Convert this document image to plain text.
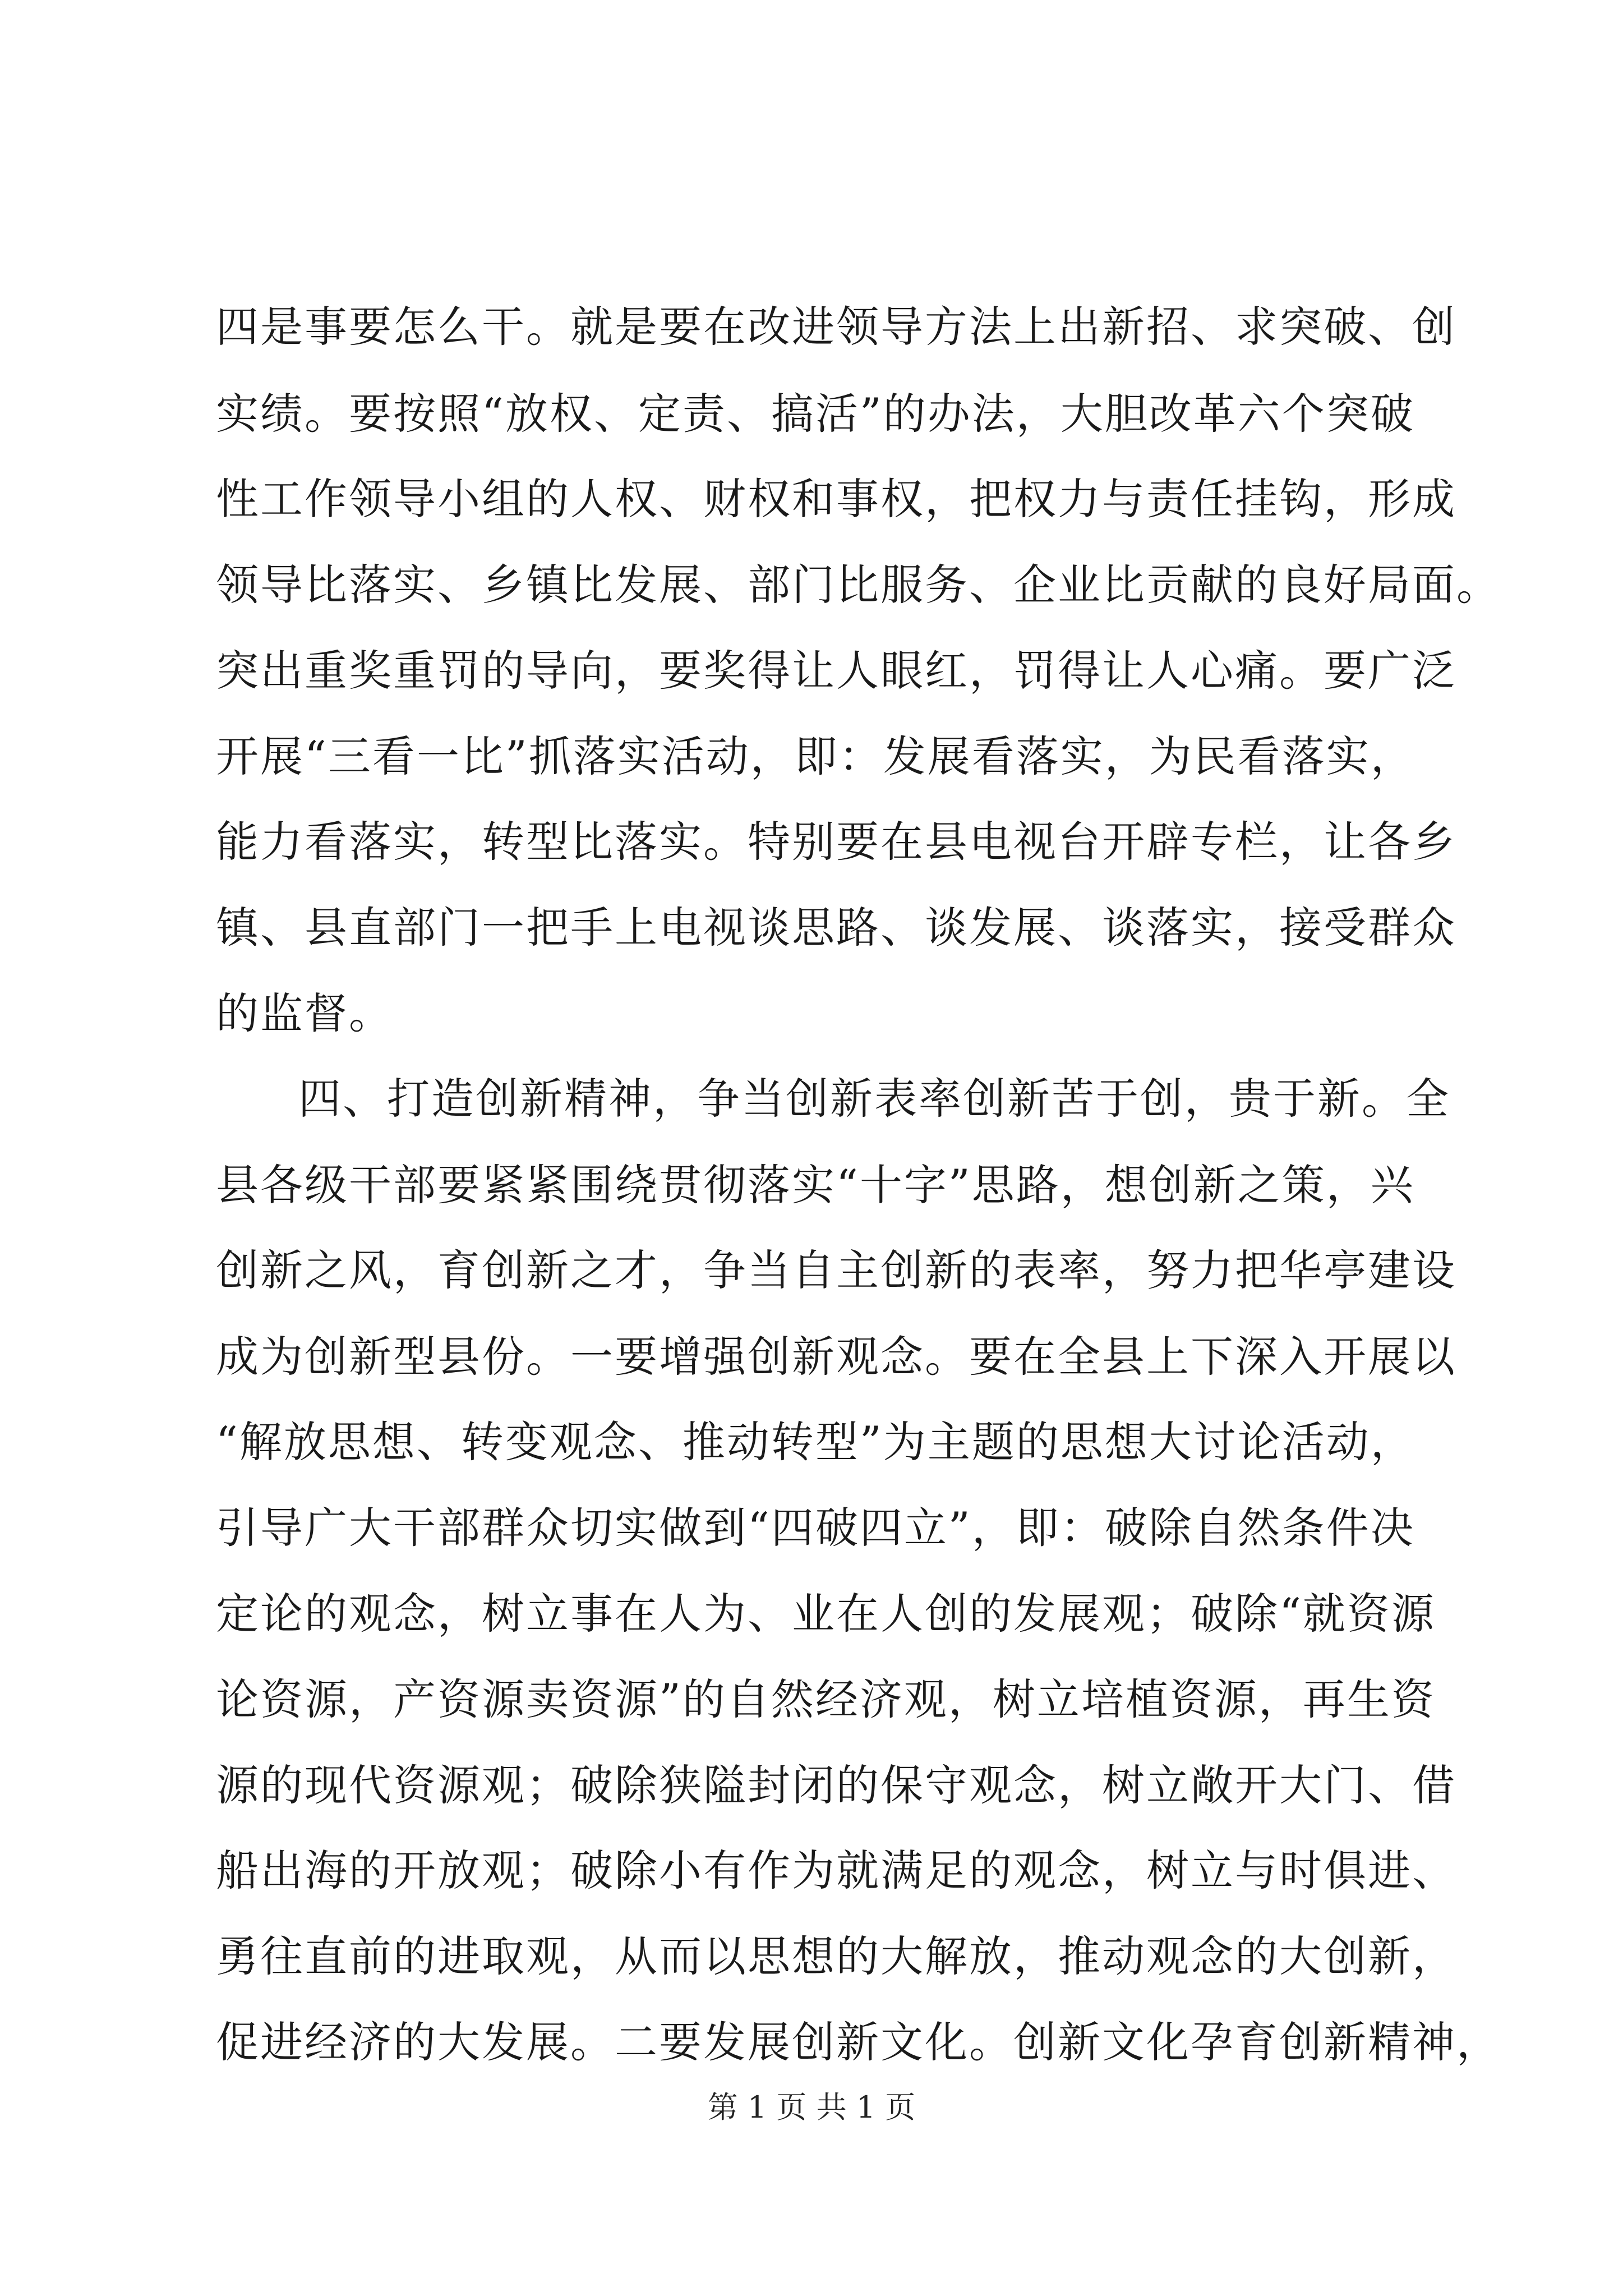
四是事要怎么干。就是要在改进领导方法上出新招、求突破、创

实绩。要按照“放权、定责、搞活”的办法，大胆改革六个突破

性工作领导小组的人权、财权和事权，把权力与责任挂钩，形成

领导比落实、乡镇比发展、部门比服务、企业比贡献的良好局面。

突出重奖重罚的导向，要奖得让人眼红，罚得让人心痛。要广泛

开展“三看一比”抓落实活动，即：发展看落实，为民看落实，

能力看落实，转型比落实。特别要在县电视台开辟专栏，让各乡

镇、县直部门一把手上电视谈思路、谈发展、谈落实，接受群众

的监督。

四、打造创新精神，争当创新表率创新苦于创，贵于新。全

县各级干部要紧紧围绕贯彻落实“十字”思路，想创新之策，兴

创新之风，育创新之才，争当自主创新的表率，努力把华亭建设

成为创新型县份。一要增强创新观念。要在全县上下深入开展以

“解放思想、转变观念、推动转型”为主题的思想大讨论活动，

引导广大干部群众切实做到“四破四立”，即：破除自然条件决

定论的观念，树立事在人为、业在人创的发展观；破除“就资源

论资源，产资源卖资源”的自然经济观，树立培植资源，再生资

源的现代资源观；破除狭隘封闭的保守观念，树立敞开大门、借

船出海的开放观；破除小有作为就满足的观念，树立与时俱进、

勇往直前的进取观，从而以思想的大解放，推动观念的大创新，

促进经济的大发展。二要发展创新文化。创新文化孕育创新精神，

第 1 页 共 1 页
